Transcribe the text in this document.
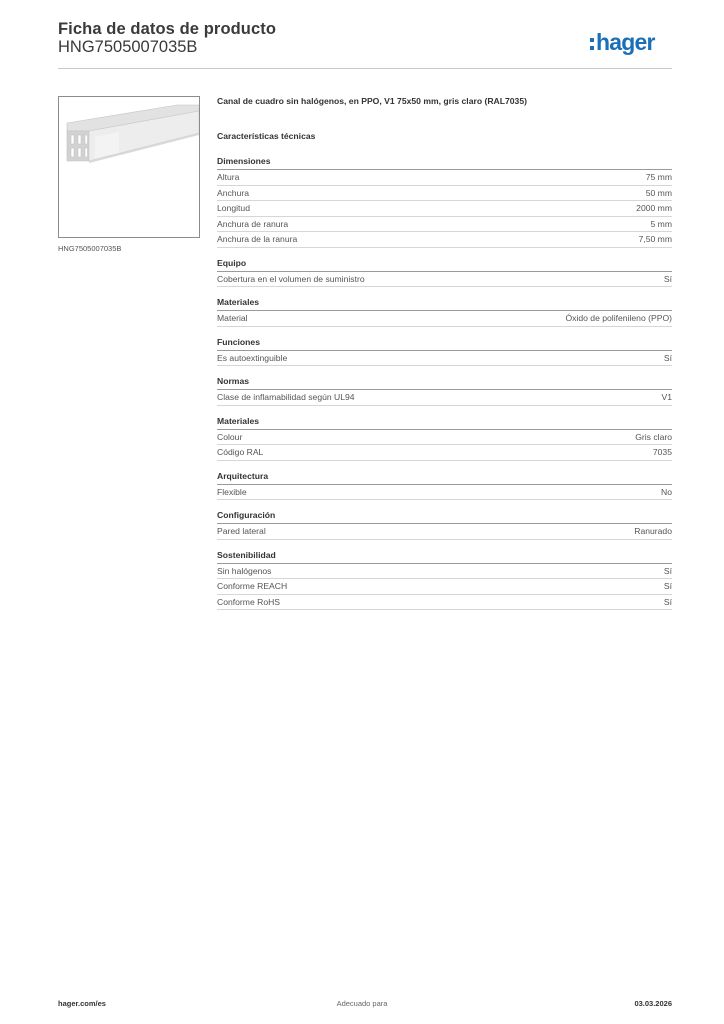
Ficha de datos de producto
HNG7505007035B	hager
HNG7505007035B
Canal de cuadro sin halógenos, en PPO, V1 75x50 mm, gris claro (RAL7035)
Características técnicas
Dimensiones
Altura	75 mm
Anchura	50 mm
Longitud	2000 mm
Anchura de ranura	5 mm
Anchura de la ranura	7,50 mm
Equipo
Cobertura en el volumen de suministro	Sí
Materiales
Material	Óxido de polifenileno (PPO)
Funciones
Es autoextinguible	Sí
Normas
Clase de inflamabilidad según UL94	V1
Materiales
Colour	Gris claro
Código RAL	7035
Arquitectura
Flexible	No
Configuración
Pared lateral	Ranurado
Sostenibilidad
Sin halógenos	Sí
Conforme REACH	Sí
Conforme RoHS	Sí
hager.com/es	Adecuado para	03.03.2026
